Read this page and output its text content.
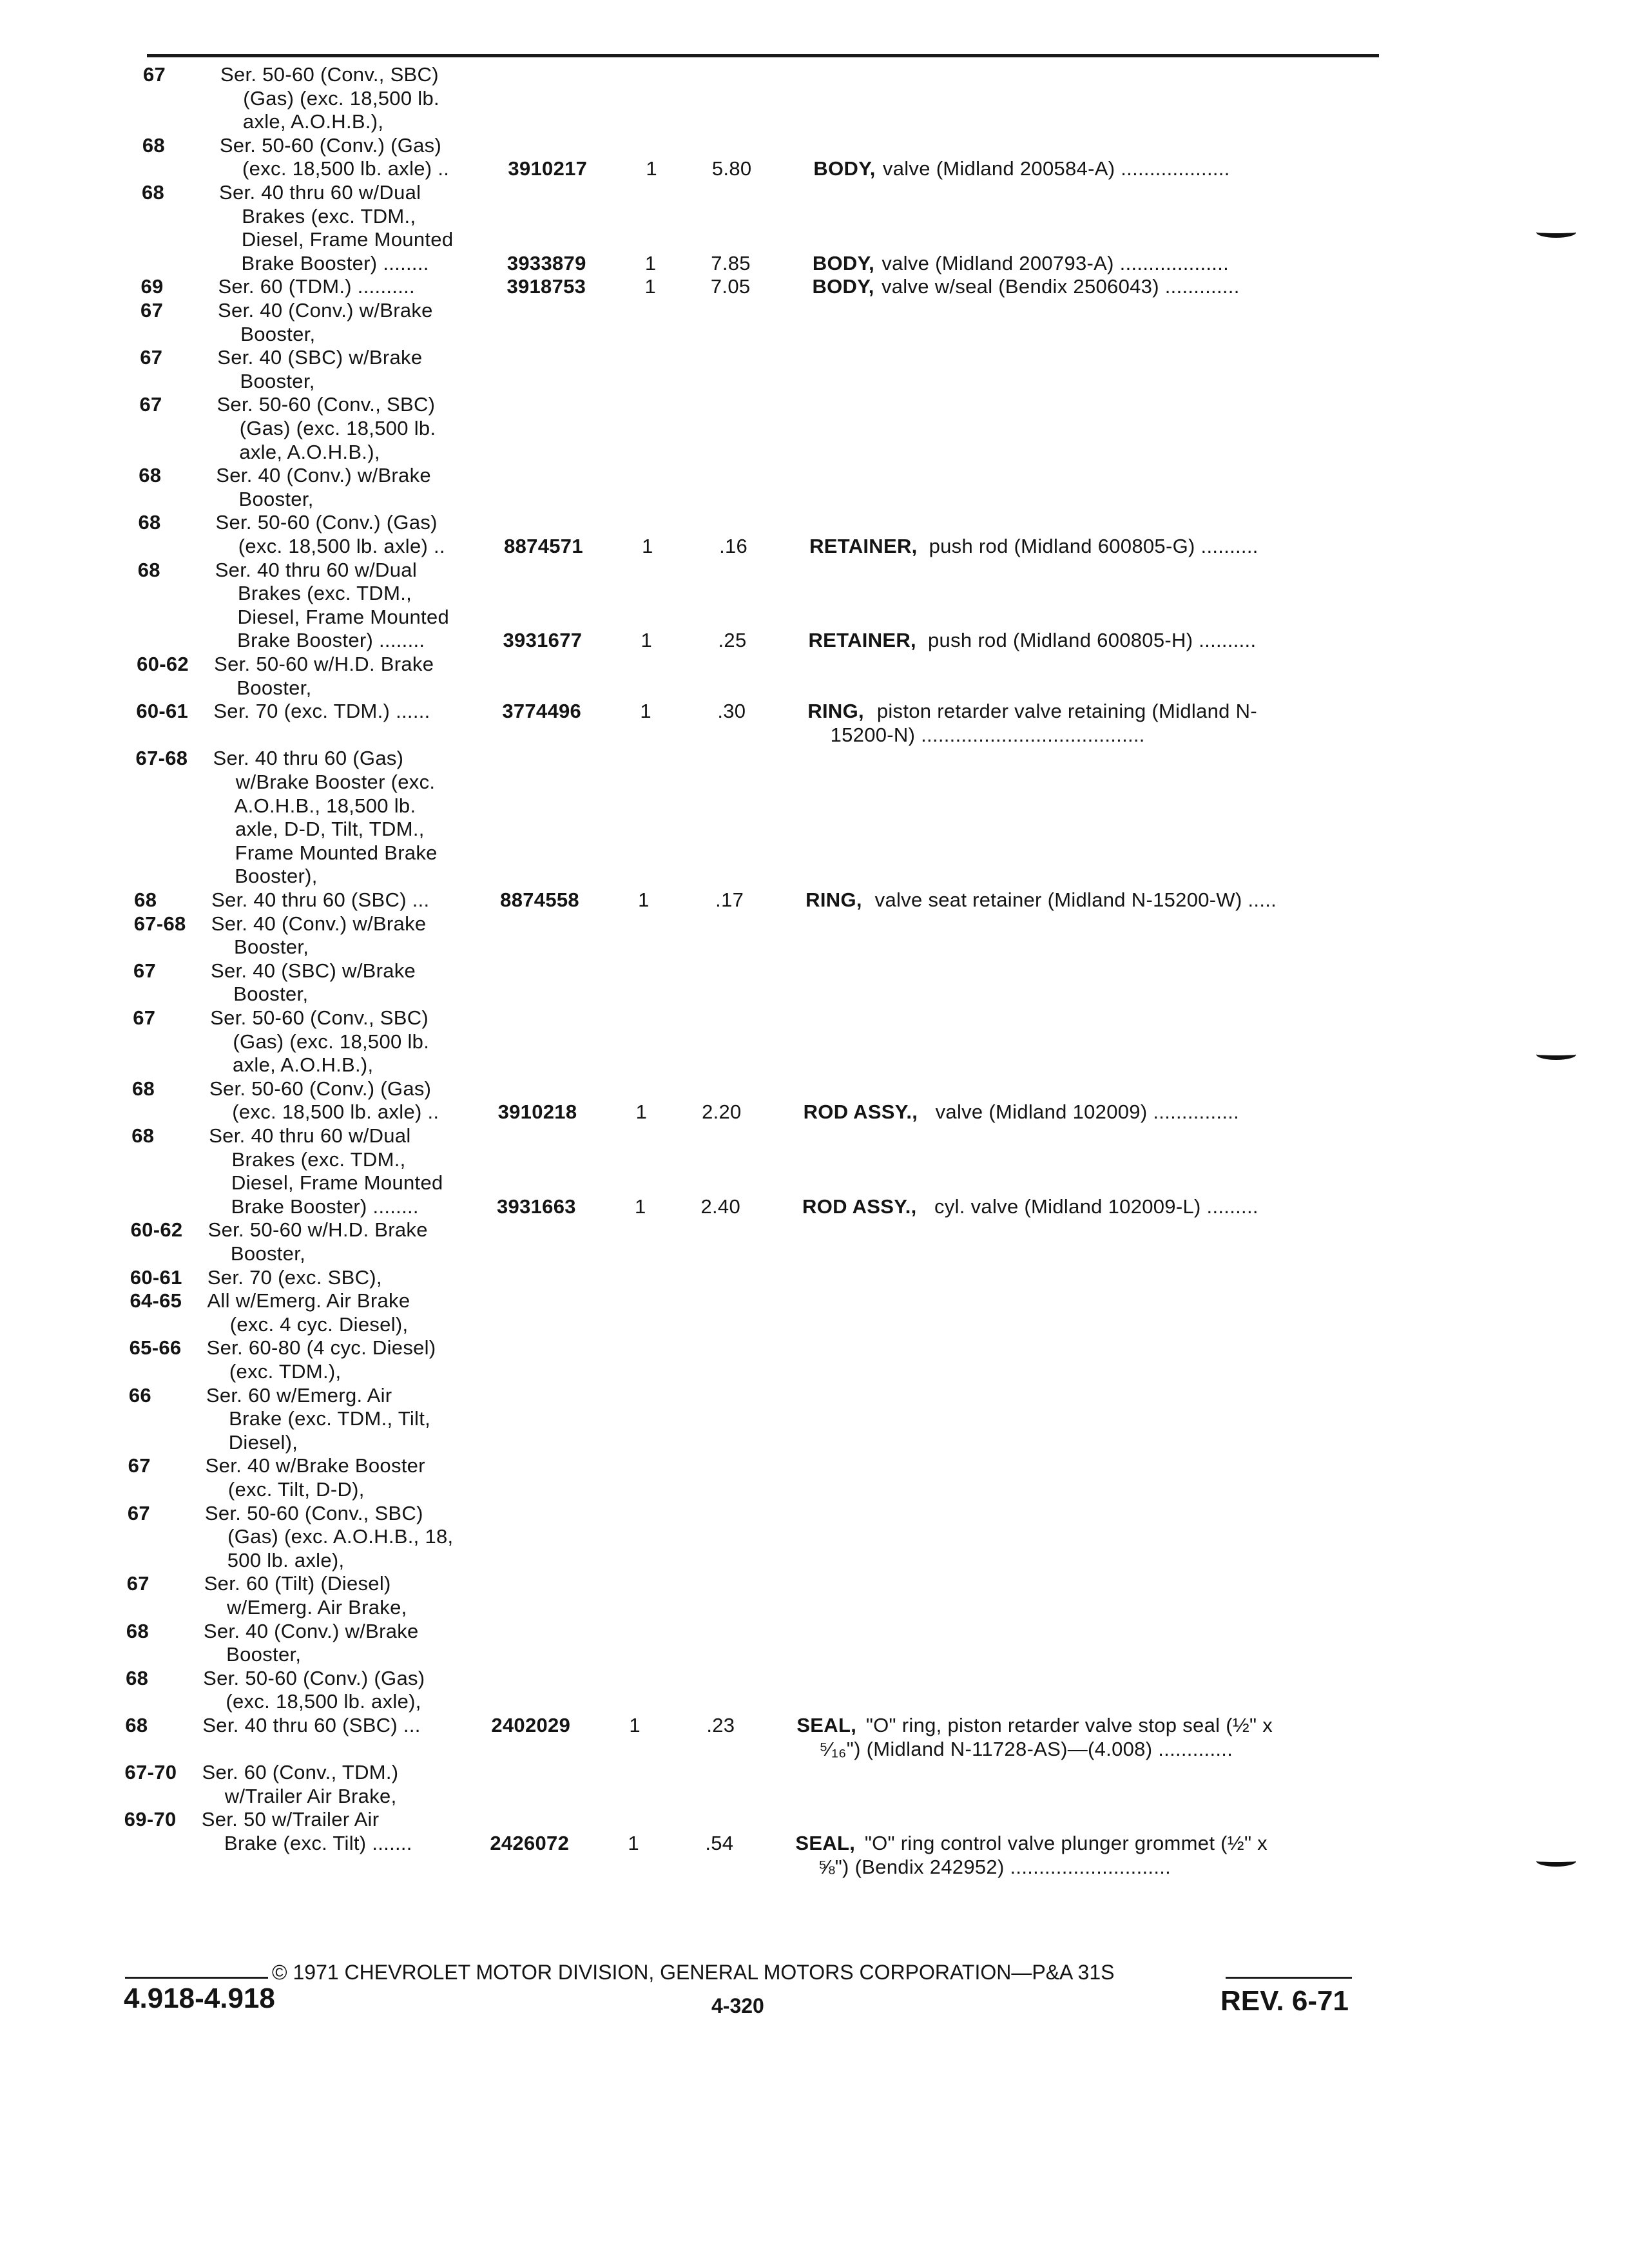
67	Ser. 50-60 (Conv., SBC)
(Gas) (exc. 18,500 lb.
axle, A.O.H.B.),
68	Ser. 50-60 (Conv.) (Gas)
(exc. 18,500 lb. axle) ..	3910217	1	5.80	BODY, valve (Midland 200584-A) ...................
68	Ser. 40 thru 60 w/Dual
Brakes (exc. TDM.,
Diesel, Frame Mounted
Brake Booster) ........	3933879	1	7.85	BODY, valve (Midland 200793-A) ...................
69	Ser. 60 (TDM.) ..........	3918753	1	7.05	BODY, valve w/seal (Bendix 2506043) .............
67	Ser. 40 (Conv.) w/Brake
Booster,
67	Ser. 40 (SBC) w/Brake
Booster,
67	Ser. 50-60 (Conv., SBC)
(Gas) (exc. 18,500 lb.
axle, A.O.H.B.),
68	Ser. 40 (Conv.) w/Brake
Booster,
68	Ser. 50-60 (Conv.) (Gas)
(exc. 18,500 lb. axle) ..	8874571	1	.16	RETAINER, push rod (Midland 600805-G) ..........
68	Ser. 40 thru 60 w/Dual
Brakes (exc. TDM.,
Diesel, Frame Mounted
Brake Booster) ........	3931677	1	.25	RETAINER, push rod (Midland 600805-H) ..........
60-62 Ser. 50-60 w/H.D. Brake
Booster,
60-61 Ser. 70 (exc. TDM.) ......	3774496	1	.30	RING, piston retarder valve retaining (Midland N-
15200-N) .......................................
67-68 Ser. 40 thru 60 (Gas)
w/Brake Booster (exc.
A.O.H.B., 18,500 lb.
axle, D-D, Tilt, TDM.,
Frame Mounted Brake
Booster),
68	Ser. 40 thru 60 (SBC) ...	8874558	1	.17	RING, valve seat retainer (Midland N-15200-W) .....
67-68 Ser. 40 (Conv.) w/Brake
Booster,
67	Ser. 40 (SBC) w/Brake
Booster,
67	Ser. 50-60 (Conv., SBC)
(Gas) (exc. 18,500 lb.
axle, A.O.H.B.),
68	Ser. 50-60 (Conv.) (Gas)
(exc. 18,500 lb. axle) ..	3910218	1	2.20	ROD ASSY., valve (Midland 102009) ...............
68	Ser. 40 thru 60 w/Dual
Brakes (exc. TDM.,
Diesel, Frame Mounted
Brake Booster) ........	3931663	1	2.40	ROD ASSY., cyl. valve (Midland 102009-L) .........
60-62 Ser. 50-60 w/H.D. Brake
Booster,
60-61 Ser. 70 (exc. SBC),
64-65 All w/Emerg. Air Brake
(exc. 4 cyc. Diesel),
65-66 Ser. 60-80 (4 cyc. Diesel)
(exc. TDM.),
66	Ser. 60 w/Emerg. Air
Brake (exc. TDM., Tilt,
Diesel),
67	Ser. 40 w/Brake Booster
(exc. Tilt, D-D),
67	Ser. 50-60 (Conv., SBC)
(Gas) (exc. A.O.H.B., 18,
500 lb. axle),
67	Ser. 60 (Tilt) (Diesel)
w/Emerg. Air Brake,
68	Ser. 40 (Conv.) w/Brake
Booster,
68	Ser. 50-60 (Conv.) (Gas)
(exc. 18,500 lb. axle),
68	Ser. 40 thru 60 (SBC) ...	2402029	1	.23	SEAL, "O" ring, piston retarder valve stop seal (½" x
⁵⁄₁₆") (Midland N-11728-AS)—(4.008) .............
67-70 Ser. 60 (Conv., TDM.)
w/Trailer Air Brake,
69-70 Ser. 50 w/Trailer Air
Brake (exc. Tilt) .......	2426072	1	.54	SEAL, "O" ring control valve plunger grommet (½" x
⅝") (Bendix 242952) ............................
© 1971 CHEVROLET MOTOR DIVISION, GENERAL MOTORS CORPORATION—P&A 31S
4.918-4.918	4-320	REV. 6-71
